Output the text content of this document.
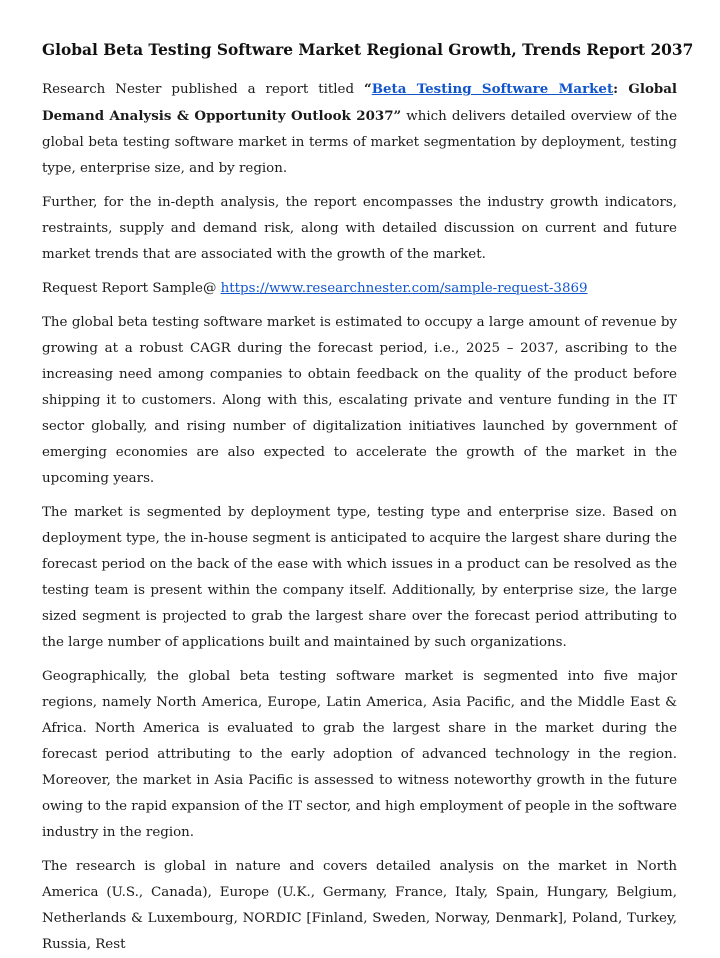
Global Beta Testing Software Market Regional Growth, Trends Report 2037

Research Nester published a report titled “Beta Testing Software Market: Global Demand Analysis & Opportunity Outlook 2037” which delivers detailed overview of the global beta testing software market in terms of market segmentation by deployment, testing type, enterprise size, and by region.

Further, for the in-depth analysis, the report encompasses the industry growth indicators, restraints, supply and demand risk, along with detailed discussion on current and future market trends that are associated with the growth of the market.

Request Report Sample@ https://www.researchnester.com/sample-request-3869

The global beta testing software market is estimated to occupy a large amount of revenue by growing at a robust CAGR during the forecast period, i.e., 2025 – 2037, ascribing to the increasing need among companies to obtain feedback on the quality of the product before shipping it to customers. Along with this, escalating private and venture funding in the IT sector globally, and rising number of digitalization initiatives launched by government of emerging economies are also expected to accelerate the growth of the market in the upcoming years.

The market is segmented by deployment type, testing type and enterprise size. Based on deployment type, the in-house segment is anticipated to acquire the largest share during the forecast period on the back of the ease with which issues in a product can be resolved as the testing team is present within the company itself. Additionally, by enterprise size, the large sized segment is projected to grab the largest share over the forecast period attributing to the large number of applications built and maintained by such organizations.

Geographically, the global beta testing software market is segmented into five major regions, namely North America, Europe, Latin America, Asia Pacific, and the Middle East & Africa. North America is evaluated to grab the largest share in the market during the forecast period attributing to the early adoption of advanced technology in the region. Moreover, the market in Asia Pacific is assessed to witness noteworthy growth in the future owing to the rapid expansion of the IT sector, and high employment of people in the software industry in the region.

The research is global in nature and covers detailed analysis on the market in North America (U.S., Canada), Europe (U.K., Germany, France, Italy, Spain, Hungary, Belgium, Netherlands & Luxembourg, NORDIC [Finland, Sweden, Norway, Denmark], Poland, Turkey, Russia, Rest
